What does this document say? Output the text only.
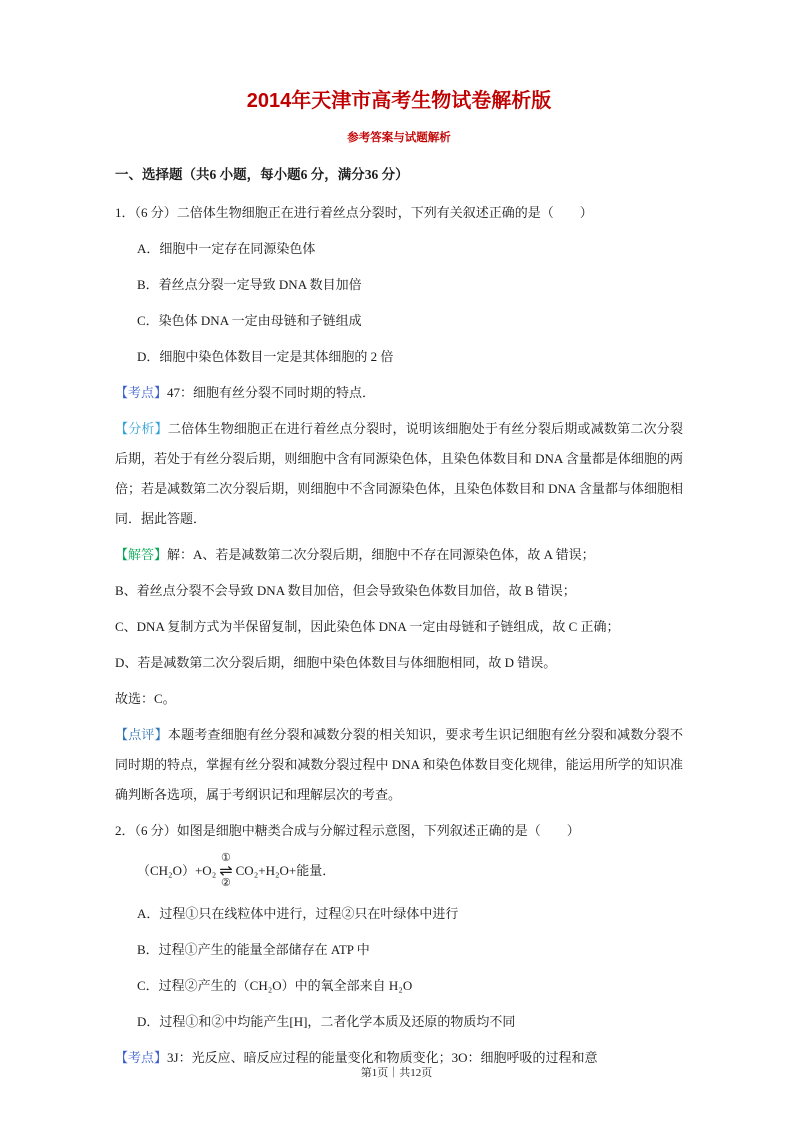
2014年天津市高考生物试卷解析版
参考答案与试题解析
一、选择题（共6 小题，每小题6 分，满分36 分）

1．（6 分）二倍体生物细胞正在进行着丝点分裂时，下列有关叙述正确的是（　　）

A．细胞中一定存在同源染色体

B．着丝点分裂一定导致 DNA 数目加倍

C．染色体 DNA 一定由母链和子链组成

D．细胞中染色体数目一定是其体细胞的 2 倍

【考点】47：细胞有丝分裂不同时期的特点．

【分析】二倍体生物细胞正在进行着丝点分裂时，说明该细胞处于有丝分裂后期或减数第二次分裂后期，若处于有丝分裂后期，则细胞中含有同源染色体，且染色体数目和 DNA 含量都是体细胞的两倍；若是减数第二次分裂后期，则细胞中不含同源染色体，且染色体数目和 DNA 含量都与体细胞相同．据此答题．

【解答】解：A、若是减数第二次分裂后期，细胞中不存在同源染色体，故 A 错误；

B、着丝点分裂不会导致 DNA 数目加倍，但会导致染色体数目加倍，故 B 错误；

C、DNA 复制方式为半保留复制，因此染色体 DNA 一定由母链和子链组成，故 C 正确；

D、若是减数第二次分裂后期，细胞中染色体数目与体细胞相同，故 D 错误。

故选：C。

【点评】本题考查细胞有丝分裂和减数分裂的相关知识，要求考生识记细胞有丝分裂和减数分裂不同时期的特点，掌握有丝分裂和减数分裂过程中 DNA 和染色体数目变化规律，能运用所学的知识准确判断各选项，属于考纲识记和理解层次的考查。

2．（6 分）如图是细胞中糖类合成与分解过程示意图，下列叙述正确的是（　　）

（CH₂O）+O₂
①
⇌
②
CO₂+H₂O+能量．

A．过程①只在线粒体中进行，过程②只在叶绿体中进行

B．过程①产生的能量全部储存在 ATP 中

C．过程②产生的（CH₂O）中的氧全部来自 H₂O

D．过程①和②中均能产生[H]，二者化学本质及还原的物质均不同

【考点】3J：光反应、暗反应过程的能量变化和物质变化；3O：细胞呼吸的过程和意

第1页｜共12页
